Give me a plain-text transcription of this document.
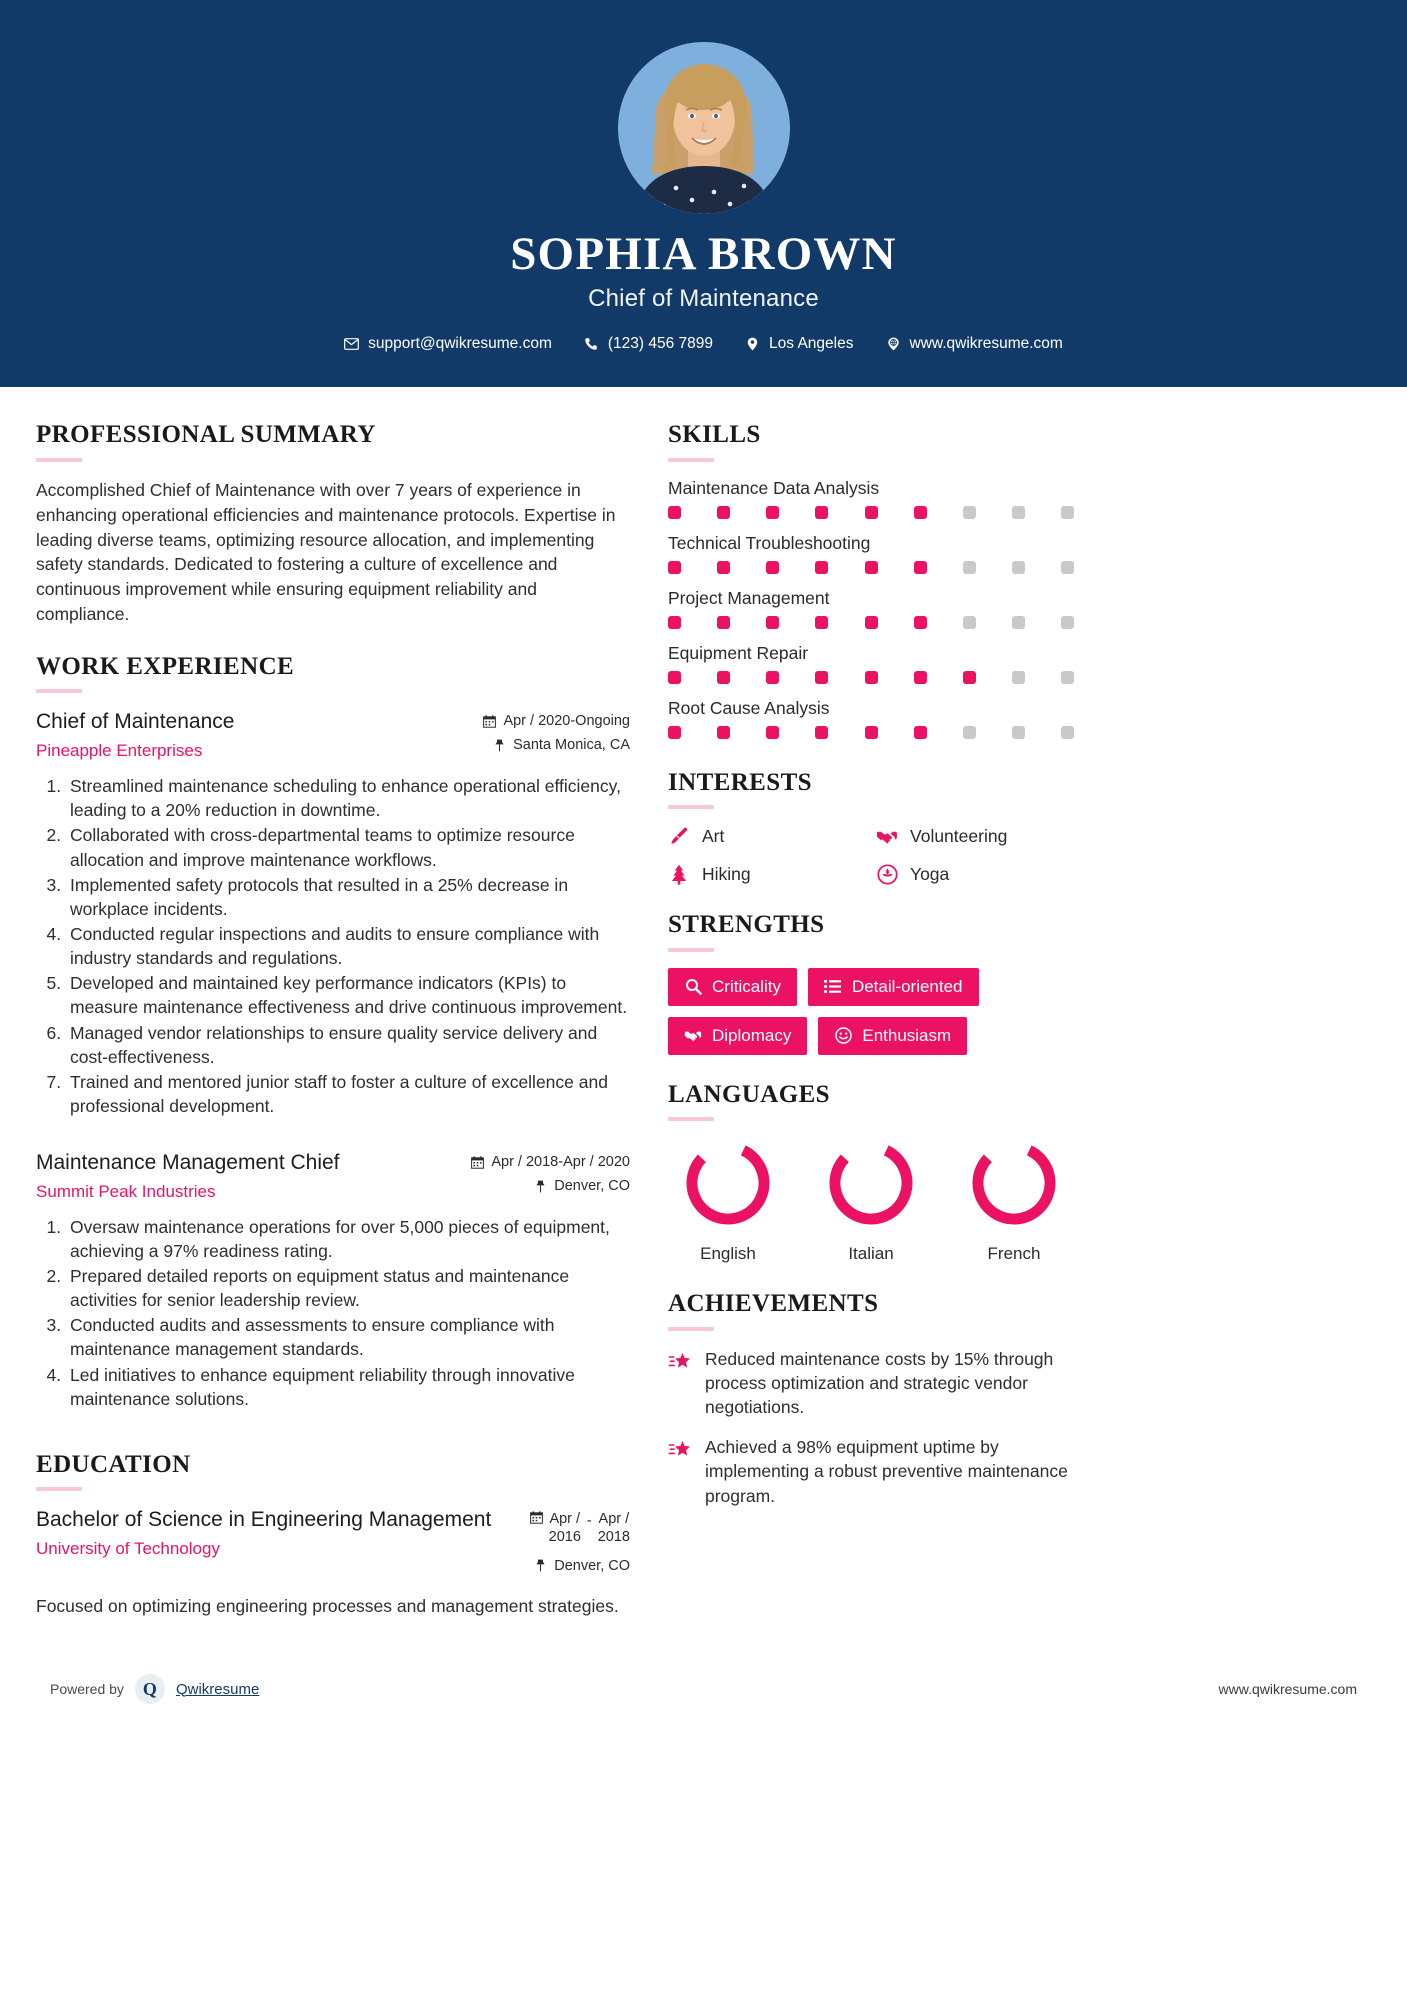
SOPHIA BROWN
Chief of Maintenance
support@qwikresume.com	(123) 456 7899	Los Angeles	www.qwikresume.com
PROFESSIONAL SUMMARY
Accomplished Chief of Maintenance with over 7 years of experience in enhancing operational efficiencies and maintenance protocols. Expertise in leading diverse teams, optimizing resource allocation, and implementing safety standards. Dedicated to fostering a culture of excellence and continuous improvement while ensuring equipment reliability and compliance.
WORK EXPERIENCE
Chief of Maintenance
Pineapple Enterprises
Apr / 2020-Ongoing
Santa Monica, CA
1. Streamlined maintenance scheduling to enhance operational efficiency, leading to a 20% reduction in downtime.
2. Collaborated with cross-departmental teams to optimize resource allocation and improve maintenance workflows.
3. Implemented safety protocols that resulted in a 25% decrease in workplace incidents.
4. Conducted regular inspections and audits to ensure compliance with industry standards and regulations.
5. Developed and maintained key performance indicators (KPIs) to measure maintenance effectiveness and drive continuous improvement.
6. Managed vendor relationships to ensure quality service delivery and cost-effectiveness.
7. Trained and mentored junior staff to foster a culture of excellence and professional development.
Maintenance Management Chief
Summit Peak Industries
Apr / 2018-Apr / 2020
Denver, CO
1. Oversaw maintenance operations for over 5,000 pieces of equipment, achieving a 97% readiness rating.
2. Prepared detailed reports on equipment status and maintenance activities for senior leadership review.
3. Conducted audits and assessments to ensure compliance with maintenance management standards.
4. Led initiatives to enhance equipment reliability through innovative maintenance solutions.
EDUCATION
Bachelor of Science in Engineering Management
University of Technology
Apr /
2016
- Apr /
2018
Denver, CO
Focused on optimizing engineering processes and management strategies.
SKILLS
Maintenance Data Analysis
Technical Troubleshooting
Project Management
Equipment Repair
Root Cause Analysis
INTERESTS
Art	Volunteering
Hiking	Yoga
STRENGTHS
Criticality	Detail-oriented
Diplomacy	Enthusiasm
LANGUAGES
English	Italian	French
ACHIEVEMENTS
Reduced maintenance costs by 15% through process optimization and strategic vendor negotiations.
Achieved a 98% equipment uptime by implementing a robust preventive maintenance program.
Powered by	Q	Qwikresume	www.qwikresume.com
